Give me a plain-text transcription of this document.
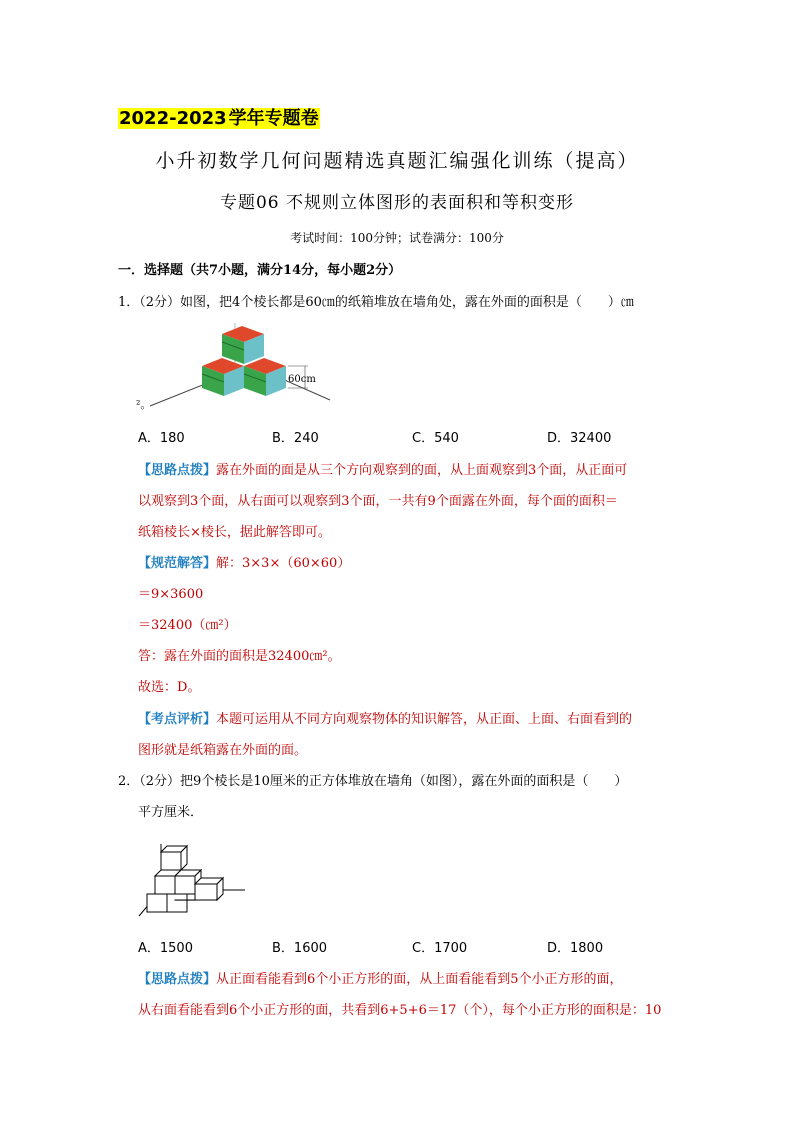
2022-2023 学年专题卷
小升初数学几何问题精选真题汇编强化训练（提高）
专题06 不规则立体图形的表面积和等积变形
考试时间：100分钟；试卷满分：100分
一．选择题（共7小题，满分14分，每小题2分）
1．（2分）如图，把4个棱长都是60㎝的纸箱堆放在墙角处，露在外面的面积是（　　）㎝
60cm
²。
A．180	B．240	C．540	D．32400
【思路点拨】露在外面的面是从三个方向观察到的面，从上面观察到3个面，从正面可
以观察到3个面，从右面可以观察到3个面，一共有9个面露在外面，每个面的面积＝
纸箱棱长×棱长，据此解答即可。
【规范解答】解：3×3×（60×60）
＝9×3600
＝32400（㎝²）
答：露在外面的面积是32400㎝²。
故选：D。
【考点评析】本题可运用从不同方向观察物体的知识解答，从正面、上面、右面看到的
图形就是纸箱露在外面的面。
2．（2分）把9个棱长是10厘米的正方体堆放在墙角（如图），露在外面的面积是（　　）
平方厘米．
A．1500	B．1600	C．1700	D．1800
【思路点拨】从正面看能看到6个小正方形的面，从上面看能看到5个小正方形的面，
从右面看能看到6个小正方形的面，共看到6+5+6＝17（个），每个小正方形的面积是：10
